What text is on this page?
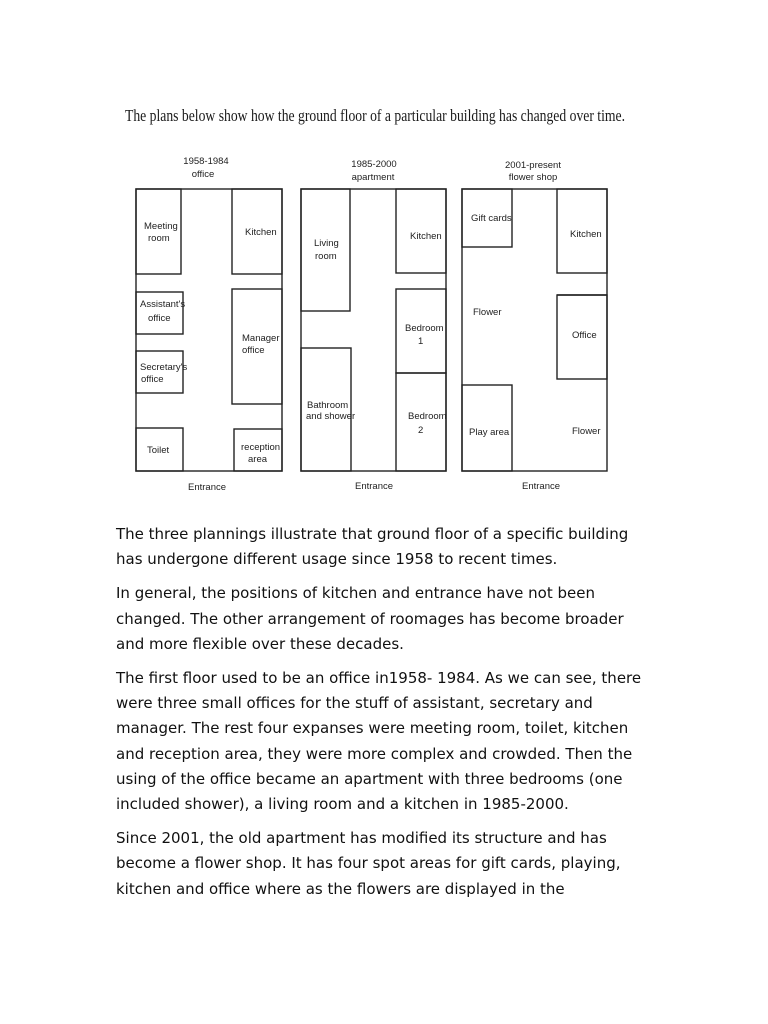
The plans below show how the ground floor of a particular building has changed over time.
1958-1984
office
Meeting
room
Kitchen
Assistant's
office
Manager
office
Secretary's
office
Toilet	reception
area
Entrance
1985-2000
apartment
Living
room
Kitchen
Bedroom
1
Bathroom
and shower	Bedroom
2
Entrance
2001-present
flower shop
Gift cards
Kitchen
Flower
Office
Play area	Flower
Entrance

The three plannings illustrate that ground floor of a specific building has undergone different usage since 1958 to recent times.

In general, the positions of kitchen and entrance have not been changed. The other arrangement of roomages has become broader and more flexible over these decades.

The first floor used to be an office in1958- 1984. As we can see, there were three small offices for the stuff of assistant, secretary and manager. The rest four expanses were meeting room, toilet, kitchen and reception area, they were more complex and crowded. Then the using of the office became an apartment with three bedrooms (one included shower), a living room and a kitchen in 1985-2000.

Since 2001, the old apartment has modified its structure and has become a flower shop. It has four spot areas for gift cards, playing, kitchen and office where as the flowers are displayed in the
